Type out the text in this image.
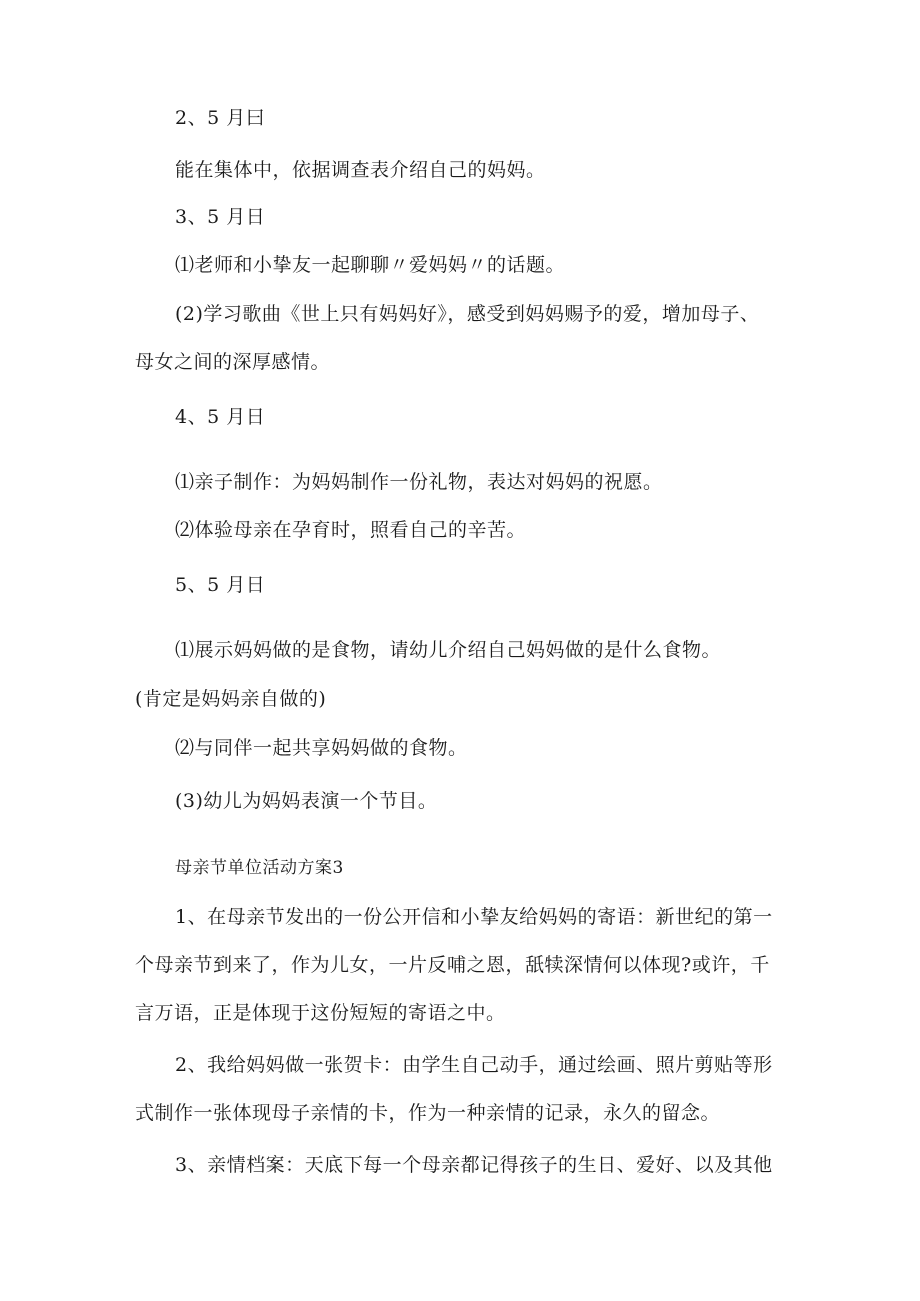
2、5 月曰
能在集体中，依据调查表介绍自己的妈妈。
3、5 月日
⑴老师和小挚友一起聊聊〃爱妈妈〃的话题。
(2)学习歌曲《世上只有妈妈好》，感受到妈妈赐予的爱，增加母子、
母女之间的深厚感情。
4、5 月日
⑴亲子制作：为妈妈制作一份礼物，表达对妈妈的祝愿。
⑵体验母亲在孕育时，照看自己的辛苦。
5、5 月日
⑴展示妈妈做的是食物，请幼儿介绍自己妈妈做的是什么食物。
(肯定是妈妈亲自做的)
⑵与同伴一起共享妈妈做的食物。
(3)幼儿为妈妈表演一个节目。
母亲节单位活动方案3
1、在母亲节发出的一份公开信和小挚友给妈妈的寄语：新世纪的第一
个母亲节到来了，作为儿女，一片反哺之恩，舐犊深情何以体现?或许，千
言万语，正是体现于这份短短的寄语之中。
2、我给妈妈做一张贺卡：由学生自己动手，通过绘画、照片剪贴等形
式制作一张体现母子亲情的卡，作为一种亲情的记录，永久的留念。
3、亲情档案：天底下每一个母亲都记得孩子的生日、爱好、以及其他
